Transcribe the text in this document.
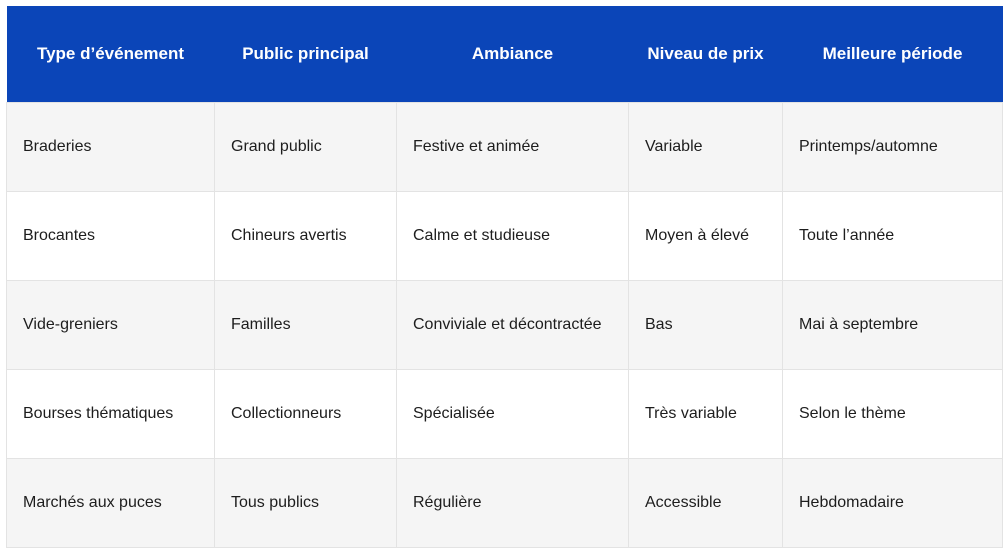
Type d’événement	Public principal	Ambiance	Niveau de prix	Meilleure période
Braderies	Grand public	Festive et animée	Variable	Printemps/automne
Brocantes	Chineurs avertis	Calme et studieuse	Moyen à élevé	Toute l’année
Vide-greniers	Familles	Conviviale et décontractée	Bas	Mai à septembre
Bourses thématiques	Collectionneurs	Spécialisée	Très variable	Selon le thème
Marchés aux puces	Tous publics	Régulière	Accessible	Hebdomadaire
